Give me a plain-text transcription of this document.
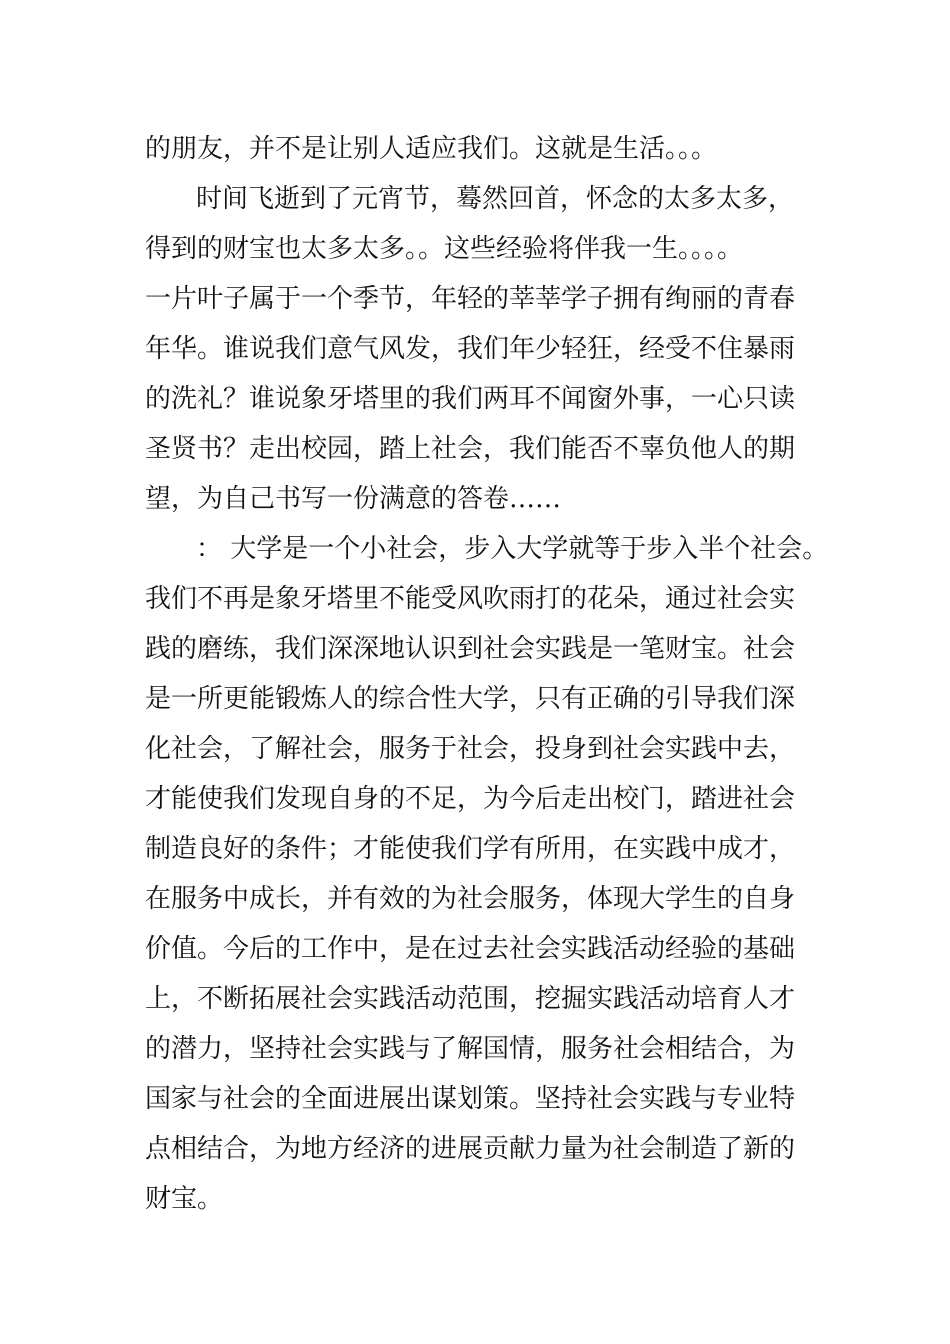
的朋友，并不是让别人适应我们。这就是生活。。。
时间飞逝到了元宵节，蓦然回首，怀念的太多太多，
得到的财宝也太多太多。。这些经验将伴我一生。。。。
一片叶子属于一个季节，年轻的莘莘学子拥有绚丽的青春
年华。谁说我们意气风发，我们年少轻狂，经受不住暴雨
的洗礼？谁说象牙塔里的我们两耳不闻窗外事，一心只读
圣贤书？走出校园，踏上社会，我们能否不辜负他人的期
望，为自己书写一份满意的答卷……
： 大学是一个小社会，步入大学就等于步入半个社会。
我们不再是象牙塔里不能受风吹雨打的花朵，通过社会实
践的磨练，我们深深地认识到社会实践是一笔财宝。社会
是一所更能锻炼人的综合性大学，只有正确的引导我们深
化社会，了解社会，服务于社会，投身到社会实践中去，
才能使我们发现自身的不足，为今后走出校门，踏进社会
制造良好的条件；才能使我们学有所用，在实践中成才，
在服务中成长，并有效的为社会服务，体现大学生的自身
价值。今后的工作中，是在过去社会实践活动经验的基础
上，不断拓展社会实践活动范围，挖掘实践活动培育人才
的潜力，坚持社会实践与了解国情，服务社会相结合，为
国家与社会的全面进展出谋划策。坚持社会实践与专业特
点相结合，为地方经济的进展贡献力量为社会制造了新的
财宝。
